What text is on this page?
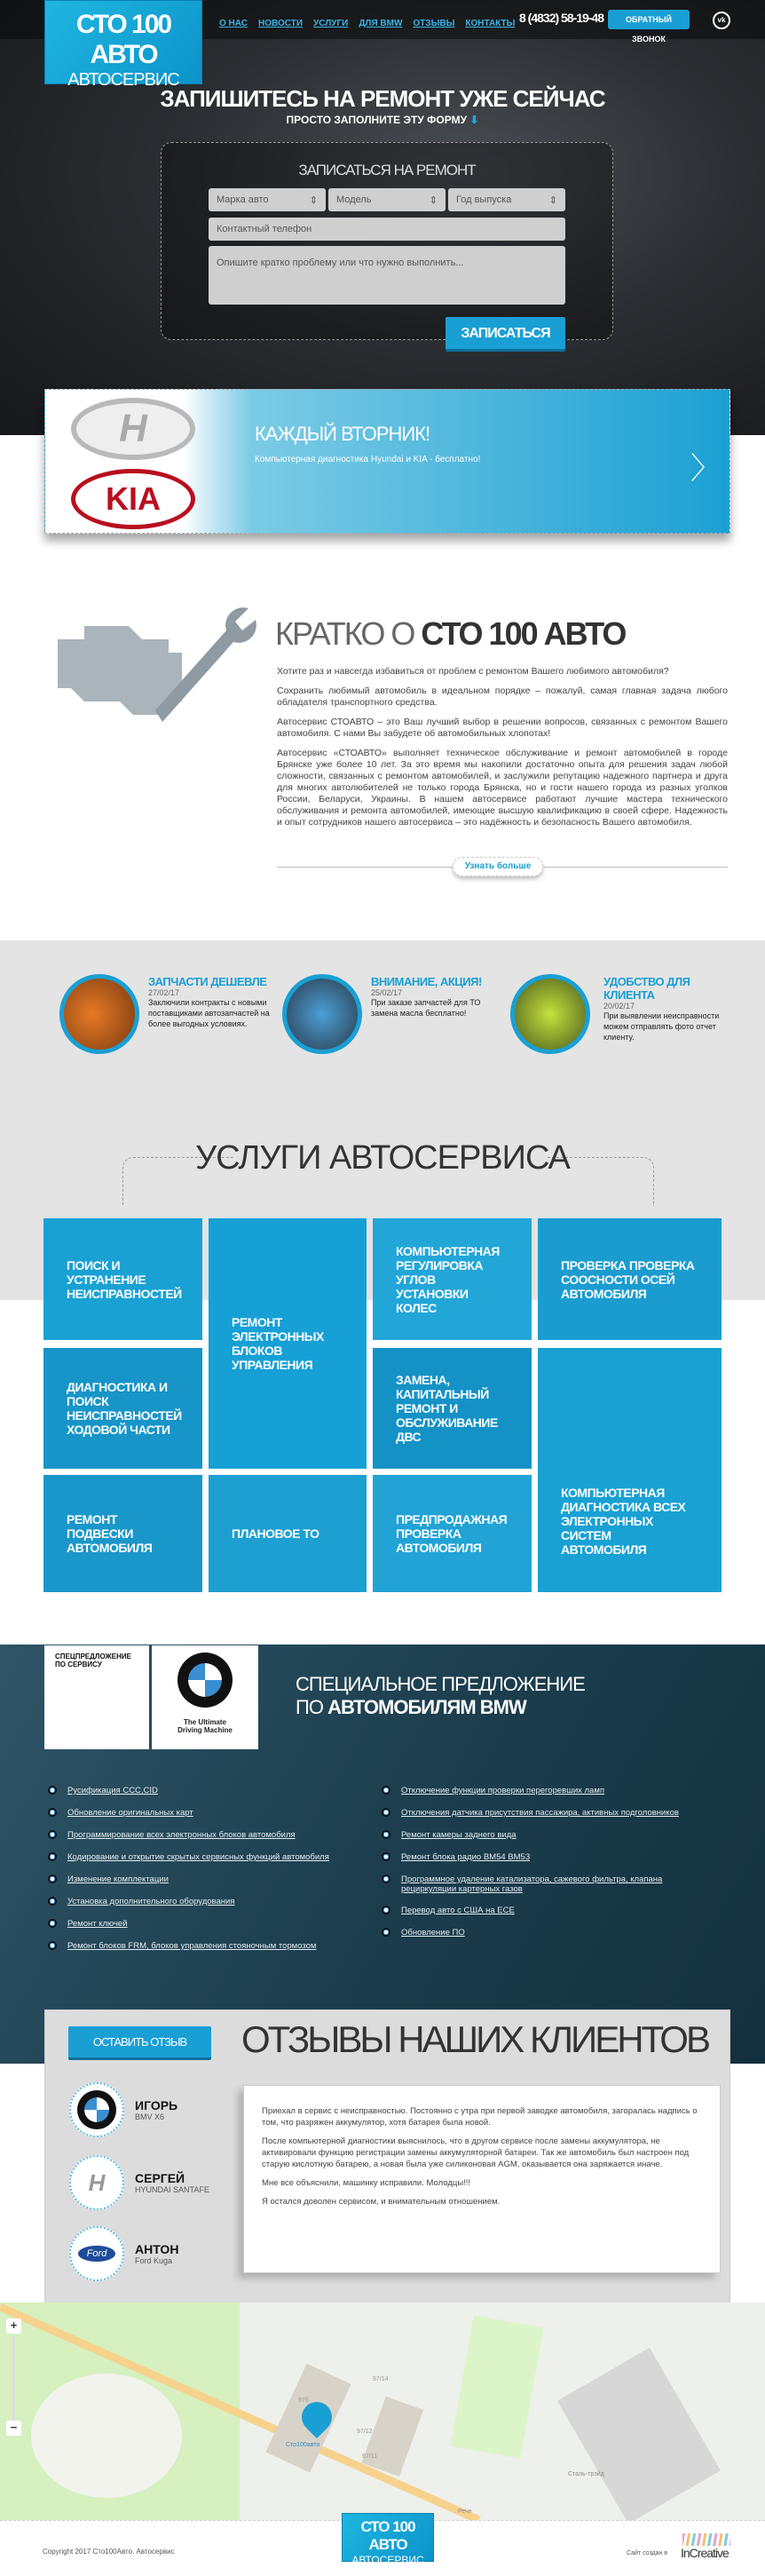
СТО 100 АВТО
АВТОСЕРВИС
О НАС НОВОСТИ УСЛУГИ ДЛЯ BMW ОТЗЫВЫ КОНТАКТЫ 8 (4832) 58-19-48	ОБРАТНЫЙ ЗВОНОК
vk
ЗАПИШИТЕСЬ НА РЕМОНТ УЖЕ СЕЙЧАС
ПРОСТО ЗАПОЛНИТЕ ЭТУ ФОРМУ ⬇
ЗАПИСАТЬСЯ НА РЕМОНТ
Марка авто	⇕ Модель	⇕ Год выпуска	⇕
Контактный телефон
Опишите кратко проблему или что нужно выполнить...
ЗАПИСАТЬСЯ
H
KIA
КАЖДЫЙ ВТОРНИК!
Компьютерная диагностика Hyundai и KIA - бесплатно!	〉
КРАТКО О СТО 100 АВТО

Хотите раз и навсегда избавиться от проблем с ремонтом Вашего любимого автомобиля?

Сохранить любимый автомобиль в идеальном порядке – пожалуй, самая главная задача любого обладателя транспортного средства.

Автосервис СТОАВТО – это Ваш лучший выбор в решении вопросов, связанных с ремонтом Вашего автомобиля. С нами Вы забудете об автомобильных хлопотах!

Автосервис «СТОАВТО» выполняет техническое обслуживание и ремонт автомобилей в городе Брянске уже более 10 лет. За это время мы накопили достаточно опыта для решения задач любой сложности, связанных с ремонтом автомобилей, и заслужили репутацию надежного партнера и друга для многих автолюбителей не только города Брянска, но и гости нашего города из разных уголков России, Беларуси, Украины. В нашем автосервисе работают лучшие мастера технического обслуживания и ремонта автомобилей, имеющие высшую квалификацию в своей сфере. Надежность и опыт сотрудников нашего автосервиса – это надёжность и безопасность Вашего автомобиля.

Узнать больше
ЗАПЧАСТИ ДЕШЕВЛЕ
27/02/17
Заключили контракты с новыми поставщиками автозапчастей на более выгодных условиях.
ВНИМАНИЕ, АКЦИЯ!
25/02/17
При заказе запчастей для ТО замена масла бесплатно!
УДОБСТВО ДЛЯ КЛИЕНТА
20/02/17
При выявлении неисправности можем отправлять фото отчет клиенту.
УСЛУГИ АВТОСЕРВИСА
ПОИСК И УСТРАНЕНИЕ НЕИСПРАВНОСТЕЙ
РЕМОНТ ЭЛЕКТРОННЫХ БЛОКОВ УПРАВЛЕНИЯ
КОМПЬЮТЕРНАЯ РЕГУЛИРОВКА УГЛОВ УСТАНОВКИ КОЛЕС
ПРОВЕРКА ПРОВЕРКА СООСНОСТИ ОСЕЙ АВТОМОБИЛЯ
ДИАГНОСТИКА И ПОИСК НЕИСПРАВНОСТЕЙ ХОДОВОЙ ЧАСТИ
ЗАМЕНА, КАПИТАЛЬНЫЙ РЕМОНТ И ОБСЛУЖИВАНИЕ ДВС
КОМПЬЮТЕРНАЯ ДИАГНОСТИКА ВСЕХ ЭЛЕКТРОННЫХ СИСТЕМ АВТОМОБИЛЯ
РЕМОНТ ПОДВЕСКИ АВТОМОБИЛЯ
ПЛАНОВОЕ ТО
ПРЕДПРОДАЖНАЯ ПРОВЕРКА АВТОМОБИЛЯ
СПЕЦПРЕДЛОЖЕНИЕ ПО СЕРВИСУ
The Ultimate
Driving Machine
СПЕЦИАЛЬНОЕ ПРЕДЛОЖЕНИЕ
ПО АВТОМОБИЛЯМ BMW
Русификация CCC,CID
Обновление оригинальных карт
Программирование всех электронных блоков автомобиля
Кодирование и открытие скрытых сервисных функций автомобиля
Изменение комплектации
Установка дополнительного оборудования
Ремонт ключей
Ремонт блоков FRM, блоков управления стояночным тормозом
Отключение функции проверки перегоревших ламп
Отключения датчика присутствия пассажира, активных подголовников
Ремонт камеры заднего вида
Ремонт блока радио BM54 BM53
Программное удаление катализатора, сажевого фильтра, клапана рециркуляции картерных газов
Перевод авто с США на ECE
Обновление ПО
ОСТАВИТЬ ОТЗЫВ	ОТЗЫВЫ НАШИХ КЛИЕНТОВ
ИГОРЬ
BMV X6
H СЕРГЕЙ
HYUNDAI SANTAFE
Ford	АНТОН
Ford Kuga

Приехал в сервис с неисправностью. Постоянно с утра при первой заводке автомобиля, загоралась надпись о том, что разряжен аккумулятор, хотя батарея была новой.

После компьютерной диагностики выяснилось, что в другом сервисе после замены аккумулятора, не активировали функцию регистрации замены аккумуляторной батареи. Так же автомобиль был настроен под старую кислотную батарею, а новая была уже силиконовая AGM, оказывается она заряжается иначе.

Мне все объяснили, машинку исправили. Молодцы!!!

Я остался доволен сервисом, и внимательным отношением.

Сто100авто
97б
97/14
97/12
97/11
Сталь-трэйд
Речн
+
−
Copyright 2017 Сто100Авто. Автосервис
СТО 100 АВТО
АВТОСЕРВИС
Сайт создан в InCreative
